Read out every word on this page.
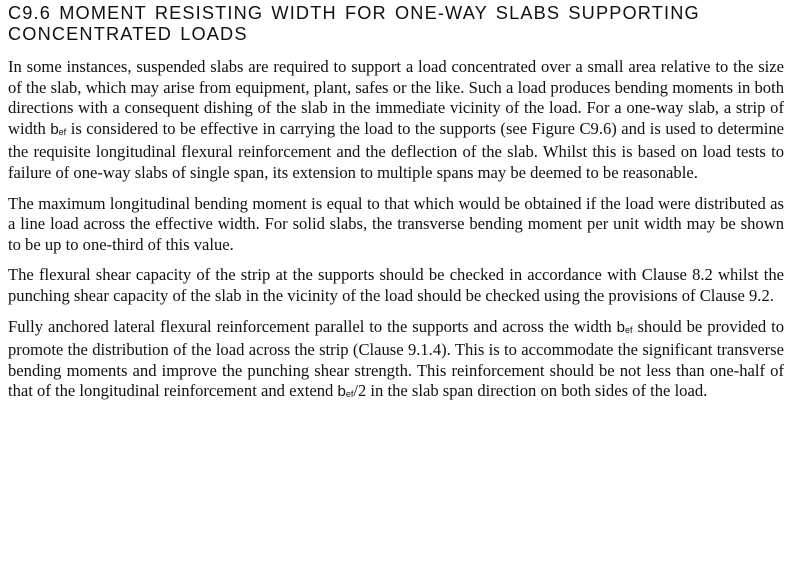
C9.6 MOMENT RESISTING WIDTH FOR ONE-WAY SLABS SUPPORTING
CONCENTRATED LOADS

In some instances, suspended slabs are required to support a load concentrated over a small area relative to the size of the slab, which may arise from equipment, plant, safes or the like. Such a load produces bending moments in both directions with a consequent dishing of the slab in the immediate vicinity of the load. For a one-way slab, a strip of width bef is considered to be effective in carrying the load to the supports (see Figure C9.6) and is used to determine the requisite longitudinal flexural reinforcement and the deflection of the slab. Whilst this is based on load tests to failure of one-way slabs of single span, its extension to multiple spans may be deemed to be reasonable.

The maximum longitudinal bending moment is equal to that which would be obtained if the load were distributed as a line load across the effective width. For solid slabs, the transverse bending moment per unit width may be shown to be up to one-third of this value.

The flexural shear capacity of the strip at the supports should be checked in accordance with Clause 8.2 whilst the punching shear capacity of the slab in the vicinity of the load should be checked using the provisions of Clause 9.2.

Fully anchored lateral flexural reinforcement parallel to the supports and across the width bef should be provided to promote the distribution of the load across the strip (Clause 9.1.4). This is to accommodate the significant transverse bending moments and improve the punching shear strength. This reinforcement should be not less than one-half of that of the longitudinal reinforcement and extend bef/2 in the slab span direction on both sides of the load.
